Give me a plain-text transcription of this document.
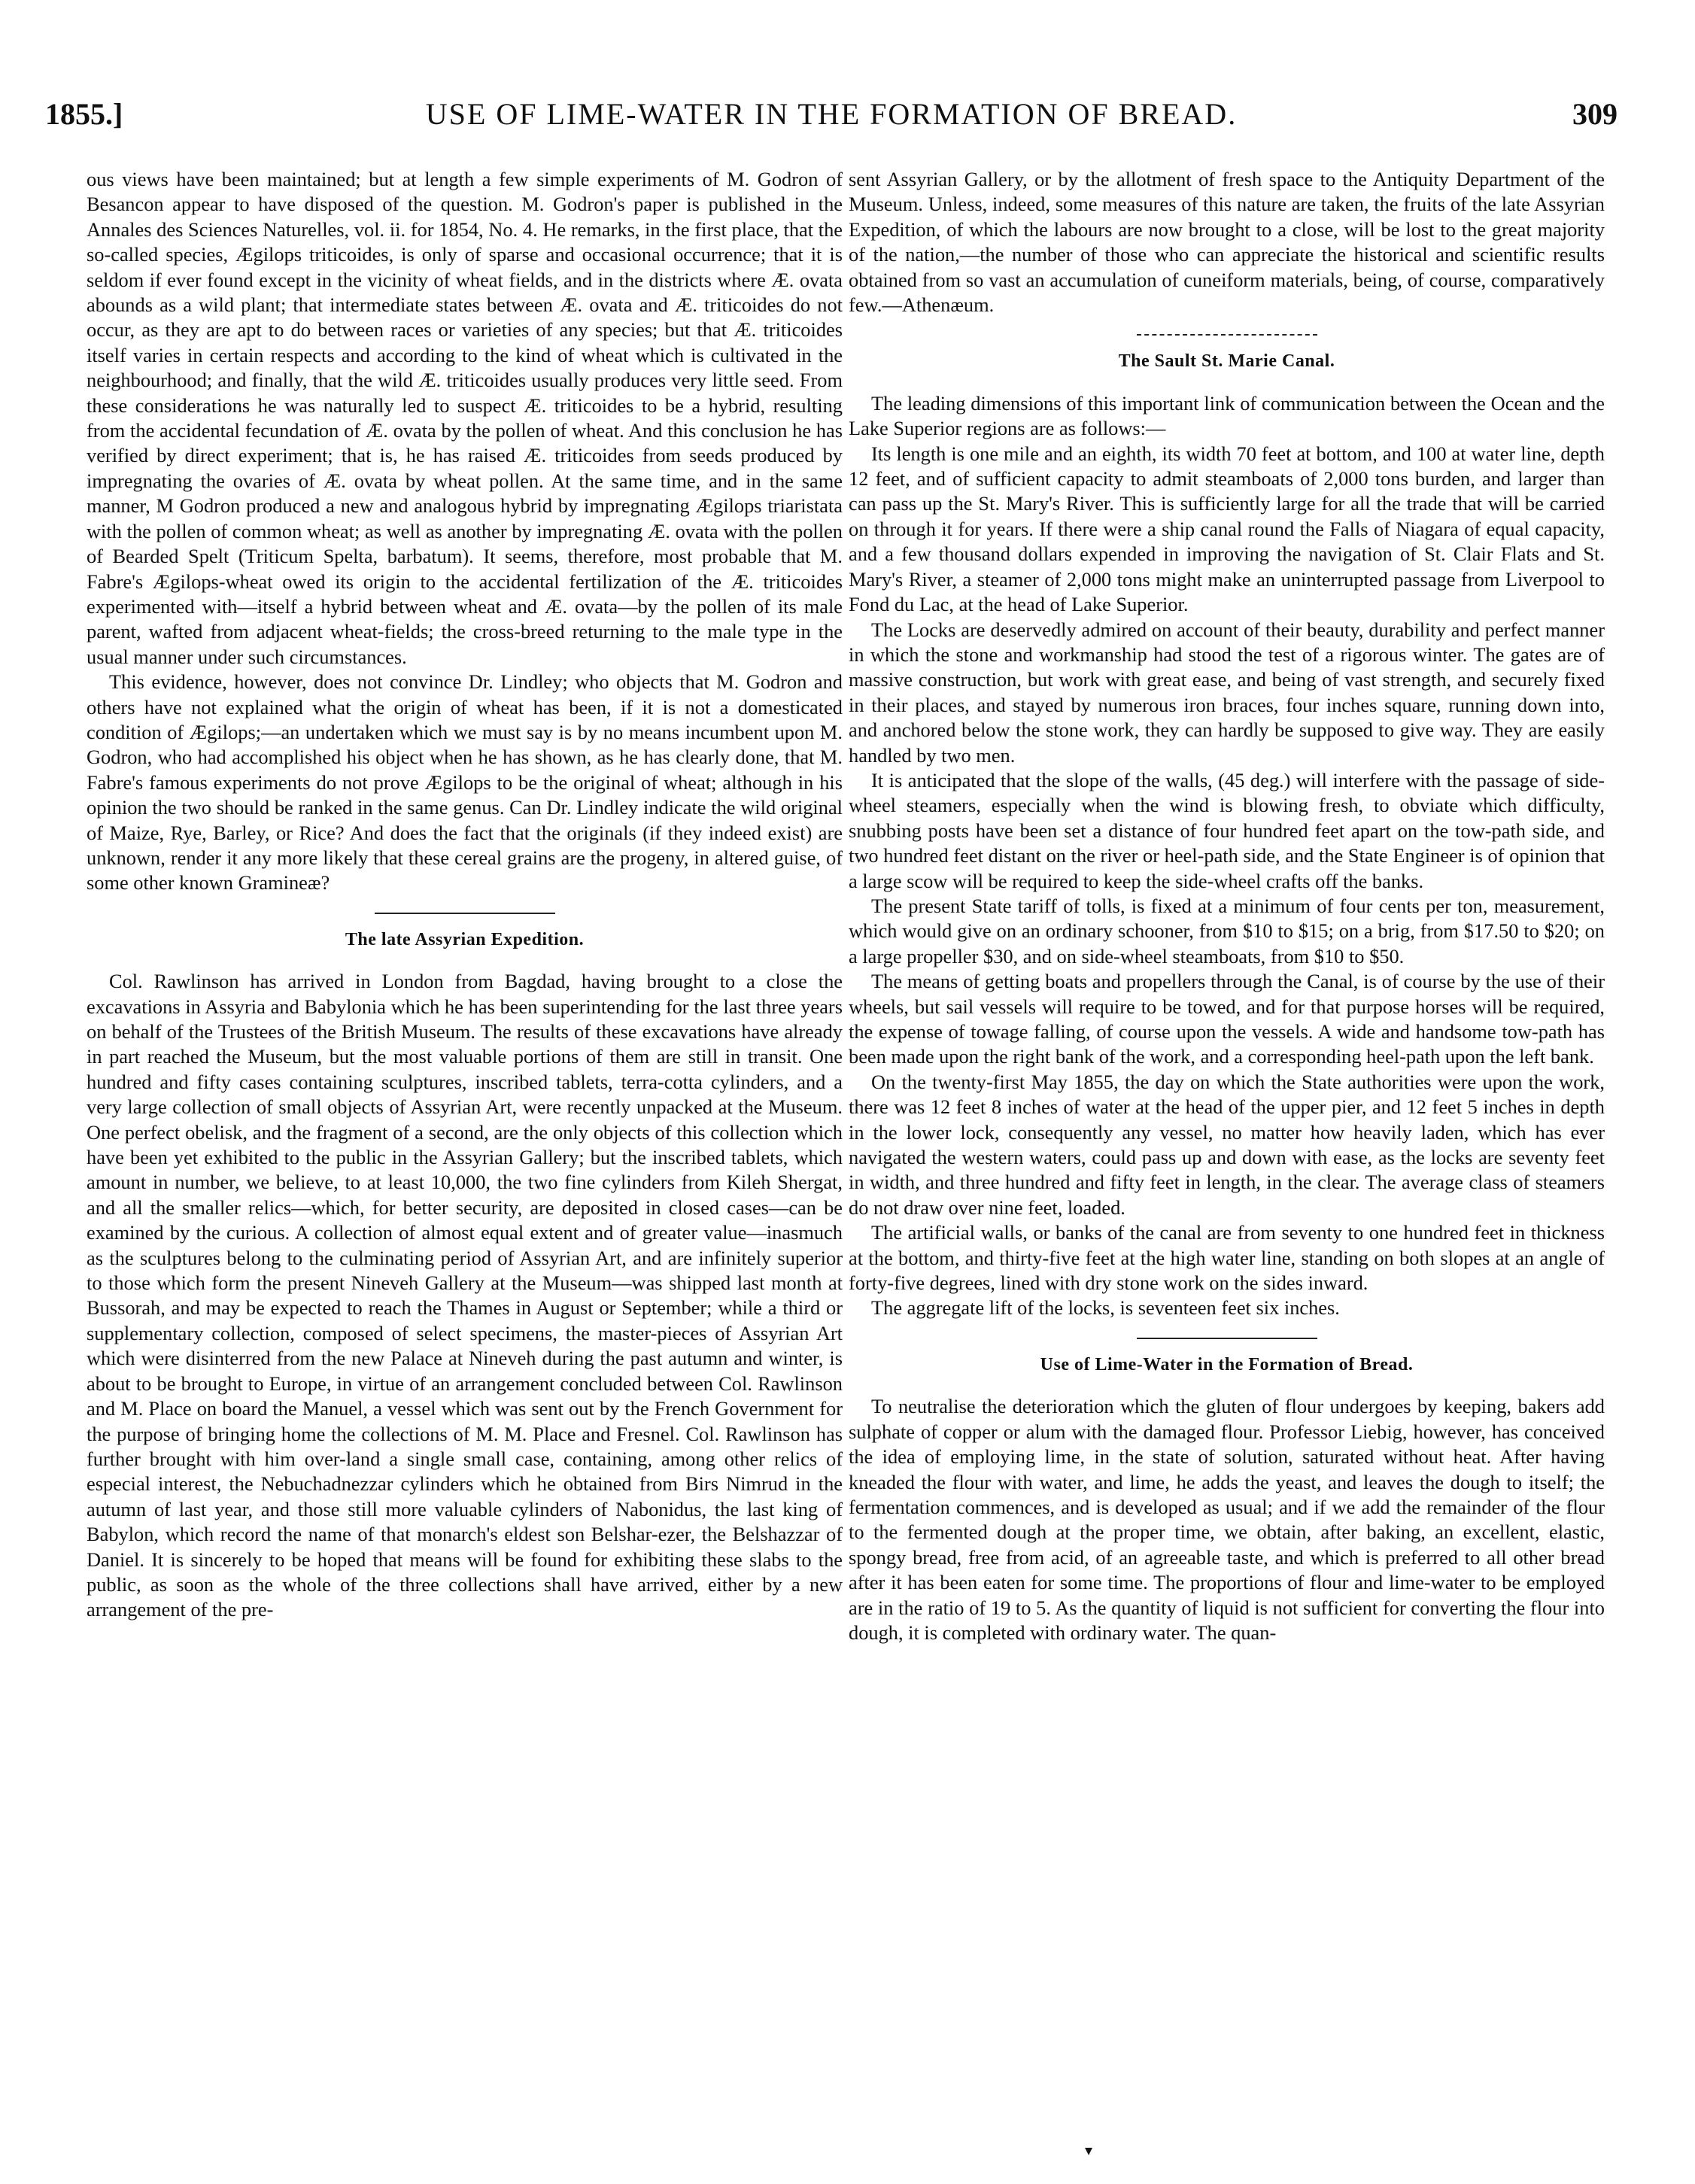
1855.]	USE OF LIME-WATER IN THE FORMATION OF BREAD.	309

ous views have been maintained; but at length a few simple experiments of M. Godron of Besancon appear to have disposed of the question. M. Godron's paper is published in the Annales des Sciences Naturelles, vol. ii. for 1854, No. 4. He remarks, in the first place, that the so-called species, Ægilops triticoides, is only of sparse and occasional occurrence; that it is seldom if ever found except in the vicinity of wheat fields, and in the districts where Æ. ovata abounds as a wild plant; that intermediate states between Æ. ovata and Æ. triticoides do not occur, as they are apt to do between races or varieties of any species; but that Æ. triticoides itself varies in certain respects and according to the kind of wheat which is cultivated in the neighbourhood; and finally, that the wild Æ. triticoides usually produces very little seed. From these considerations he was naturally led to suspect Æ. triticoides to be a hybrid, resulting from the accidental fecundation of Æ. ovata by the pollen of wheat. And this conclusion he has verified by direct experiment; that is, he has raised Æ. triticoides from seeds produced by impregnating the ovaries of Æ. ovata by wheat pollen. At the same time, and in the same manner, M Godron produced a new and analogous hybrid by impregnating Ægilops triaristata with the pollen of common wheat; as well as another by impregnating Æ. ovata with the pollen of Bearded Spelt (Triticum Spelta, barbatum). It seems, therefore, most probable that M. Fabre's Ægilops-wheat owed its origin to the accidental fertilization of the Æ. triticoides experimented with—itself a hybrid between wheat and Æ. ovata—by the pollen of its male parent, wafted from adjacent wheat-fields; the cross-breed returning to the male type in the usual manner under such circumstances.

This evidence, however, does not convince Dr. Lindley; who objects that M. Godron and others have not explained what the origin of wheat has been, if it is not a domesticated condition of Ægilops;—an undertaken which we must say is by no means incumbent upon M. Godron, who had accomplished his object when he has shown, as he has clearly done, that M. Fabre's famous experiments do not prove Ægilops to be the original of wheat; although in his opinion the two should be ranked in the same genus. Can Dr. Lindley indicate the wild original of Maize, Rye, Barley, or Rice? And does the fact that the originals (if they indeed exist) are unknown, render it any more likely that these cereal grains are the progeny, in altered guise, of some other known Gramineæ?

The late Assyrian Expedition.

Col. Rawlinson has arrived in London from Bagdad, having brought to a close the excavations in Assyria and Babylonia which he has been superintending for the last three years on behalf of the Trustees of the British Museum. The results of these excavations have already in part reached the Museum, but the most valuable portions of them are still in transit. One hundred and fifty cases containing sculptures, inscribed tablets, terra-cotta cylinders, and a very large collection of small objects of Assyrian Art, were recently unpacked at the Museum. One perfect obelisk, and the fragment of a second, are the only objects of this collection which have been yet exhibited to the public in the Assyrian Gallery; but the inscribed tablets, which amount in number, we believe, to at least 10,000, the two fine cylinders from Kileh Shergat, and all the smaller relics—which, for better security, are deposited in closed cases—can be examined by the curious. A collection of almost equal extent and of greater value—inasmuch as the sculptures belong to the culminating period of Assyrian Art, and are infinitely superior to those which form the present Nineveh Gallery at the Museum—was shipped last month at Bussorah, and may be expected to reach the Thames in August or September; while a third or supplementary collection, composed of select specimens, the master-pieces of Assyrian Art which were disinterred from the new Palace at Nineveh during the past autumn and winter, is about to be brought to Europe, in virtue of an arrangement concluded between Col. Rawlinson and M. Place on board the Manuel, a vessel which was sent out by the French Government for the purpose of bringing home the collections of M. M. Place and Fresnel. Col. Rawlinson has further brought with him over-land a single small case, containing, among other relics of especial interest, the Nebuchadnezzar cylinders which he obtained from Birs Nimrud in the autumn of last year, and those still more valuable cylinders of Nabonidus, the last king of Babylon, which record the name of that monarch's eldest son Belshar-ezer, the Belshazzar of Daniel. It is sincerely to be hoped that means will be found for exhibiting these slabs to the public, as soon as the whole of the three collections shall have arrived, either by a new arrangement of the pre-

sent Assyrian Gallery, or by the allotment of fresh space to the Antiquity Department of the Museum. Unless, indeed, some measures of this nature are taken, the fruits of the late Assyrian Expedition, of which the labours are now brought to a close, will be lost to the great majority of the nation,—the number of those who can appreciate the historical and scientific results obtained from so vast an accumulation of cuneiform materials, being, of course, comparatively few.—Athenæum.

The Sault St. Marie Canal.

The leading dimensions of this important link of communication between the Ocean and the Lake Superior regions are as follows:—

Its length is one mile and an eighth, its width 70 feet at bottom, and 100 at water line, depth 12 feet, and of sufficient capacity to admit steamboats of 2,000 tons burden, and larger than can pass up the St. Mary's River. This is sufficiently large for all the trade that will be carried on through it for years. If there were a ship canal round the Falls of Niagara of equal capacity, and a few thousand dollars expended in improving the navigation of St. Clair Flats and St. Mary's River, a steamer of 2,000 tons might make an uninterrupted passage from Liverpool to Fond du Lac, at the head of Lake Superior.

The Locks are deservedly admired on account of their beauty, durability and perfect manner in which the stone and workmanship had stood the test of a rigorous winter. The gates are of massive construction, but work with great ease, and being of vast strength, and securely fixed in their places, and stayed by numerous iron braces, four inches square, running down into, and anchored below the stone work, they can hardly be supposed to give way. They are easily handled by two men.

It is anticipated that the slope of the walls, (45 deg.) will interfere with the passage of side-wheel steamers, especially when the wind is blowing fresh, to obviate which difficulty, snubbing posts have been set a distance of four hundred feet apart on the tow-path side, and two hundred feet distant on the river or heel-path side, and the State Engineer is of opinion that a large scow will be required to keep the side-wheel crafts off the banks.

The present State tariff of tolls, is fixed at a minimum of four cents per ton, measurement, which would give on an ordinary schooner, from $10 to $15; on a brig, from $17.50 to $20; on a large propeller $30, and on side-wheel steamboats, from $10 to $50.

The means of getting boats and propellers through the Canal, is of course by the use of their wheels, but sail vessels will require to be towed, and for that purpose horses will be required, the expense of towage falling, of course upon the vessels. A wide and handsome tow-path has been made upon the right bank of the work, and a corresponding heel-path upon the left bank.

On the twenty-first May 1855, the day on which the State authorities were upon the work, there was 12 feet 8 inches of water at the head of the upper pier, and 12 feet 5 inches in depth in the lower lock, consequently any vessel, no matter how heavily laden, which has ever navigated the western waters, could pass up and down with ease, as the locks are seventy feet in width, and three hundred and fifty feet in length, in the clear. The average class of steamers do not draw over nine feet, loaded.

The artificial walls, or banks of the canal are from seventy to one hundred feet in thickness at the bottom, and thirty-five feet at the high water line, standing on both slopes at an angle of forty-five degrees, lined with dry stone work on the sides inward.

The aggregate lift of the locks, is seventeen feet six inches.

Use of Lime-Water in the Formation of Bread.

To neutralise the deterioration which the gluten of flour undergoes by keeping, bakers add sulphate of copper or alum with the damaged flour. Professor Liebig, however, has conceived the idea of employing lime, in the state of solution, saturated without heat. After having kneaded the flour with water, and lime, he adds the yeast, and leaves the dough to itself; the fermentation commences, and is developed as usual; and if we add the remainder of the flour to the fermented dough at the proper time, we obtain, after baking, an excellent, elastic, spongy bread, free from acid, of an agreeable taste, and which is preferred to all other bread after it has been eaten for some time. The proportions of flour and lime-water to be employed are in the ratio of 19 to 5. As the quantity of liquid is not sufficient for converting the flour into dough, it is completed with ordinary water. The quan-

▾
